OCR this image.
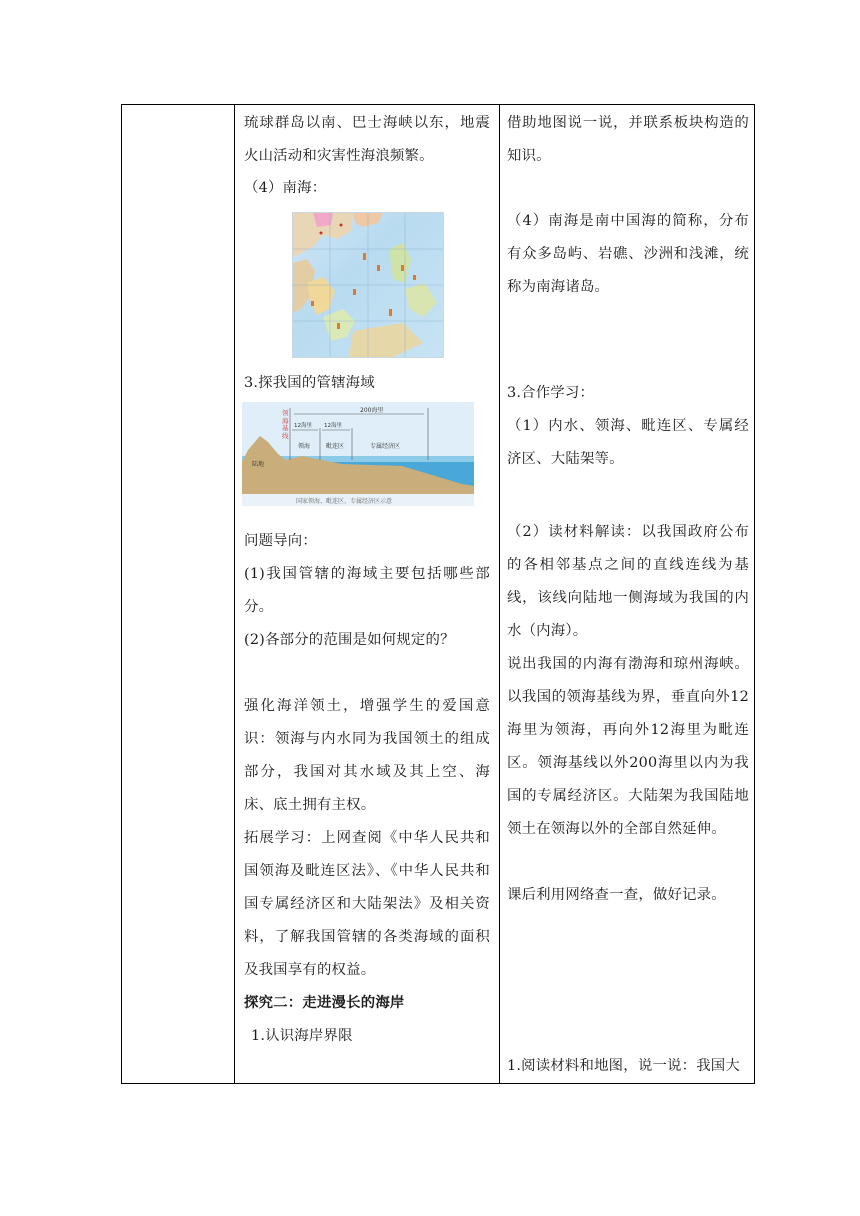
琉球群岛以南、巴士海峡以东，地震火山活动和灾害性海浪频繁。
（4）南海：
3.探我国的管辖海域
200海里
12海里 12海里
领海	毗连区	专属经济区
陆地
国家领海、毗连区、专属经济区示意
领海基线
问题导向：
(1)我国管辖的海域主要包括哪些部分。
(2)各部分的范围是如何规定的？
强化海洋领土，增强学生的爱国意识：领海与内水同为我国领土的组成部分，我国对其水域及其上空、海床、底土拥有主权。
拓展学习：上网查阅《中华人民共和国领海及毗连区法》、《中华人民共和国专属经济区和大陆架法》及相关资料，了解我国管辖的各类海域的面积及我国享有的权益。
探究二：走进漫长的海岸
1.认识海岸界限
借助地图说一说，并联系板块构造的知识。
（4）南海是南中国海的简称，分布有众多岛屿、岩礁、沙洲和浅滩，统称为南海诸岛。
3.合作学习：
（1）内水、领海、毗连区、专属经济区、大陆架等。
（2）读材料解读：以我国政府公布的各相邻基点之间的直线连线为基线，该线向陆地一侧海域为我国的内水（内海）。
说出我国的内海有渤海和琼州海峡。以我国的领海基线为界，垂直向外12海里为领海，再向外12海里为毗连区。领海基线以外200海里以内为我国的专属经济区。大陆架为我国陆地领土在领海以外的全部自然延伸。
课后利用网络查一查，做好记录。
1.阅读材料和地图，说一说：我国大
